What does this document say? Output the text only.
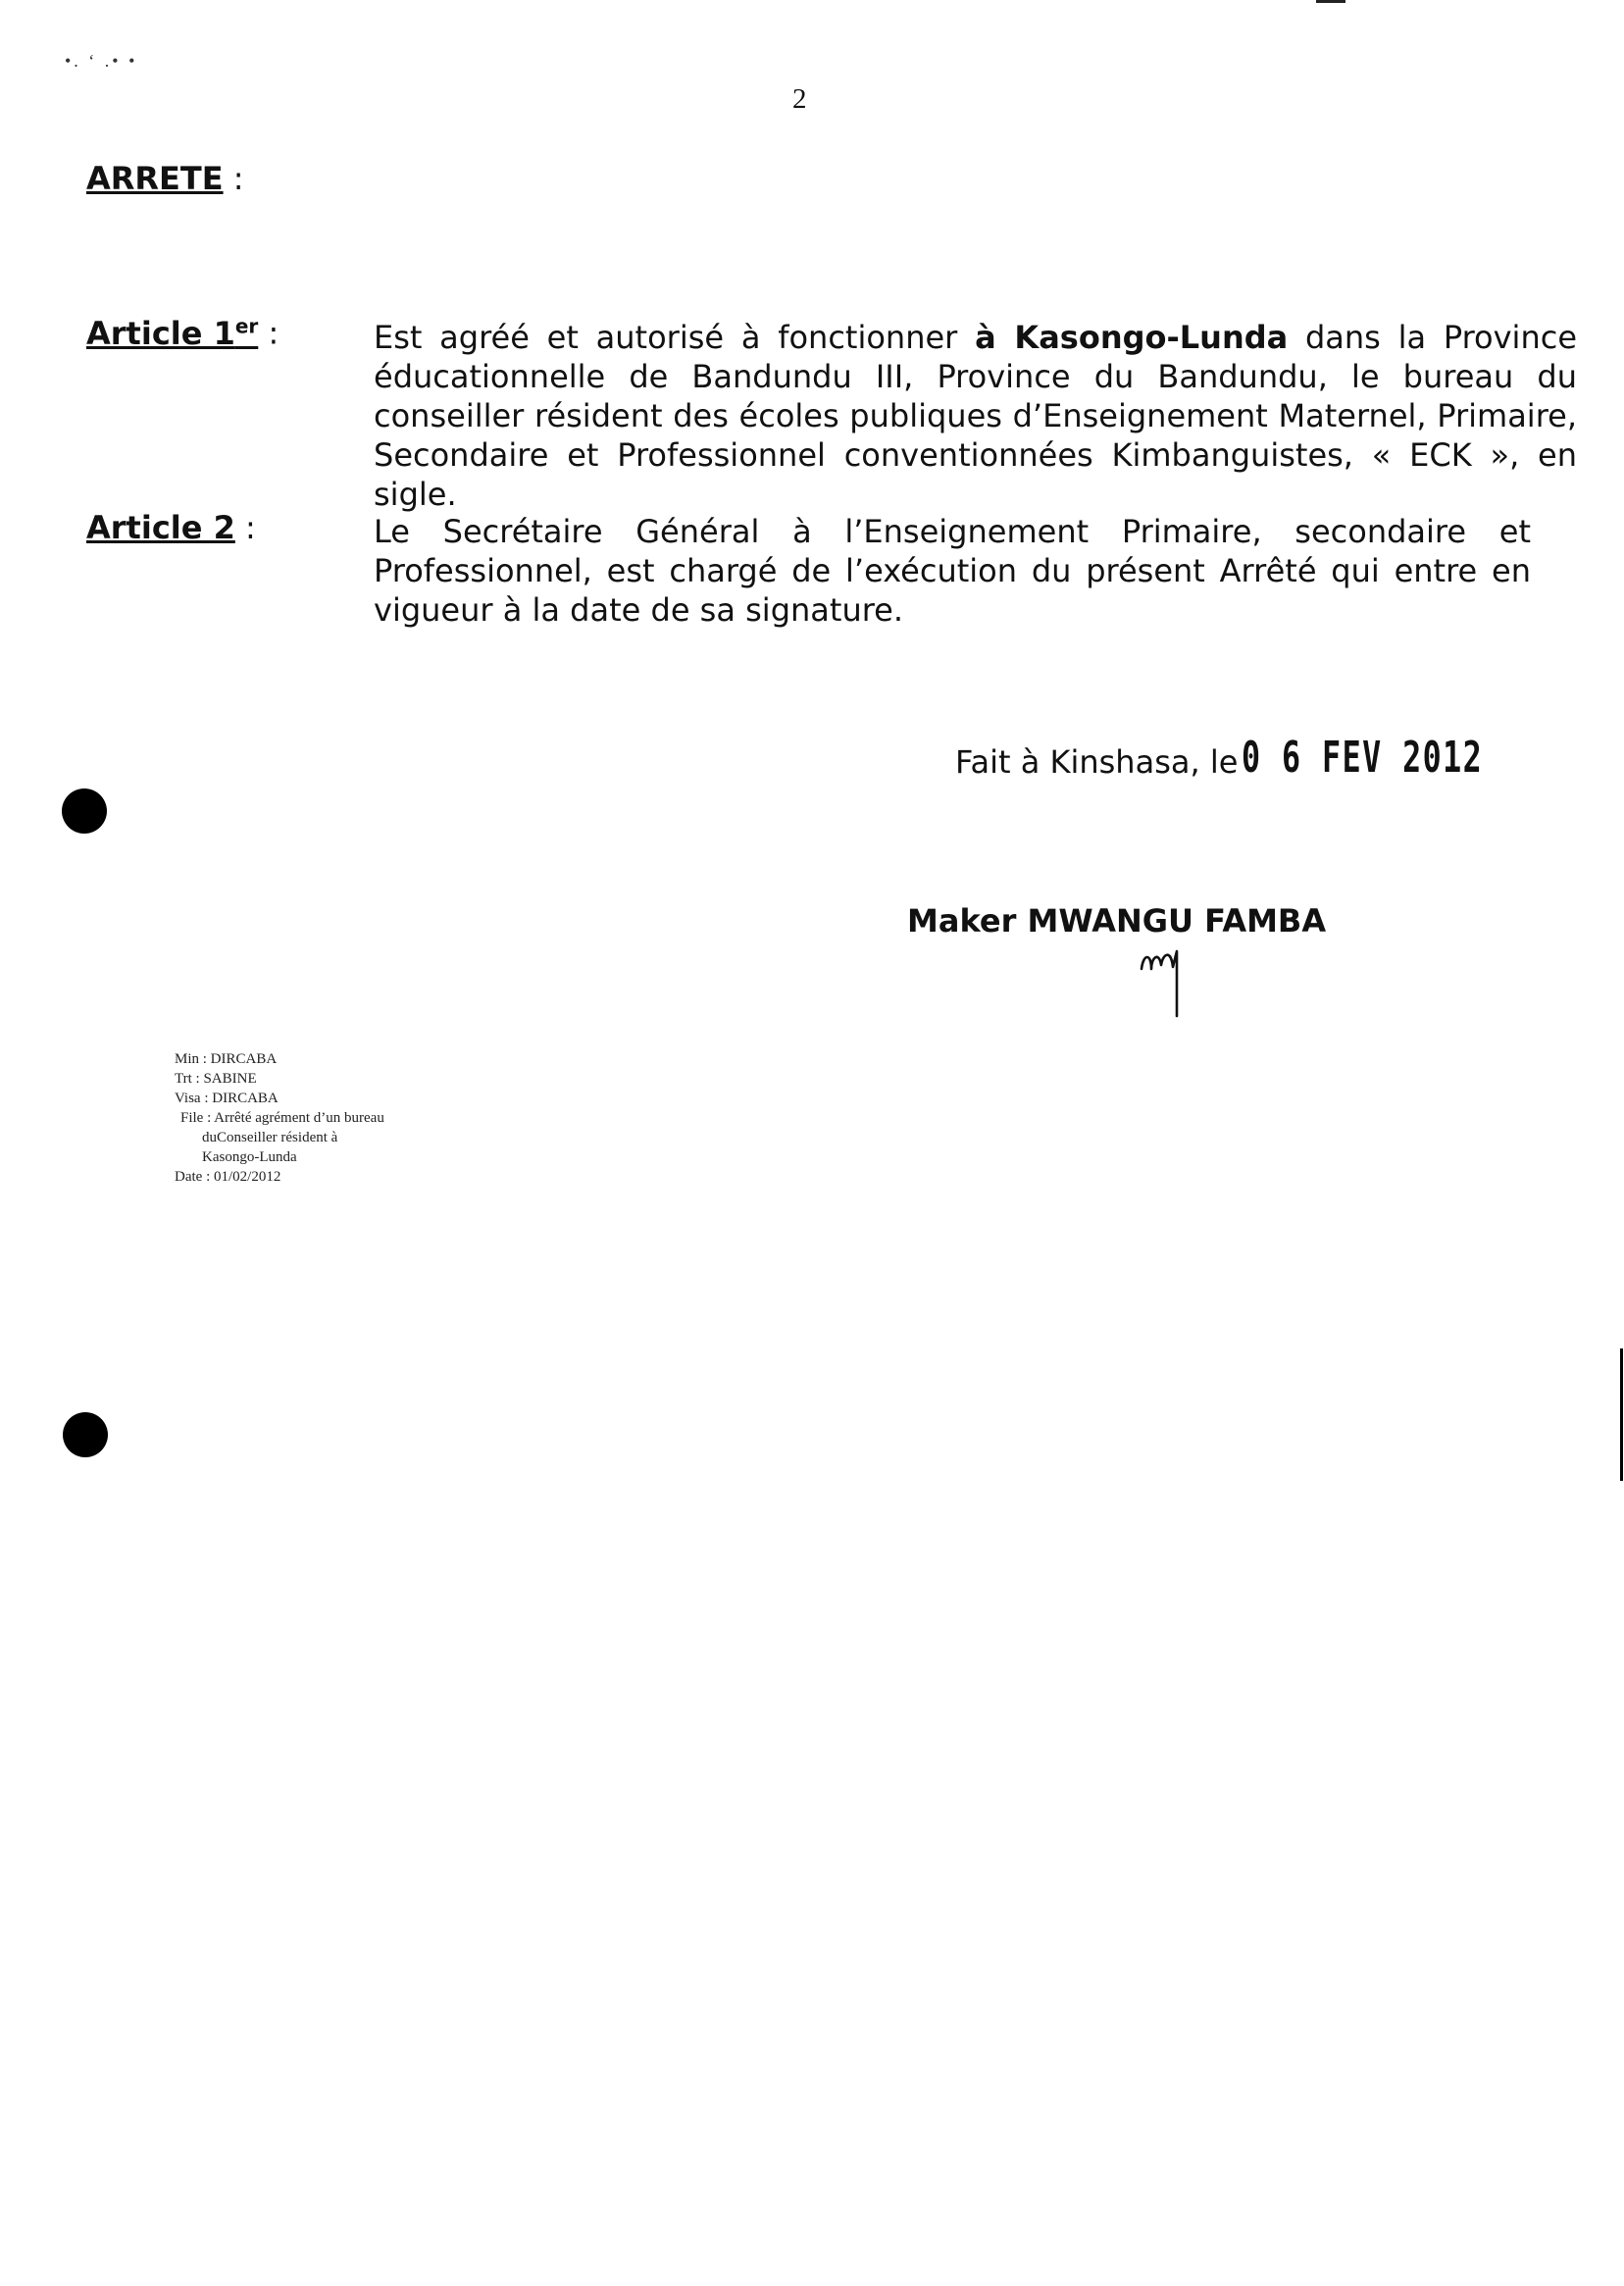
•. ʻ .• •
2
ARRETE :
Article 1er :	Est agréé et autorisé à fonctionner à Kasongo-Lunda dans la Province éducationnelle de Bandundu III, Province du Bandundu, le bureau du conseiller résident des écoles publiques d’Enseignement Maternel, Primaire, Secondaire et Professionnel conventionnées Kimbanguistes, « ECK », en sigle.
Article 2 :	Le Secrétaire Général à l’Enseignement Primaire, secondaire et Professionnel, est chargé de l’exécution du présent Arrêté qui entre en vigueur à la date de sa signature.
Fait à Kinshasa, le 0 6 FEV 2012
Maker MWANGU FAMBA
Min : DIRCABA
Trt : SABINE
Visa : DIRCABA
File : Arrêté agrément d’un bureau
duConseiller résident à
Kasongo-Lunda
Date : 01/02/2012
